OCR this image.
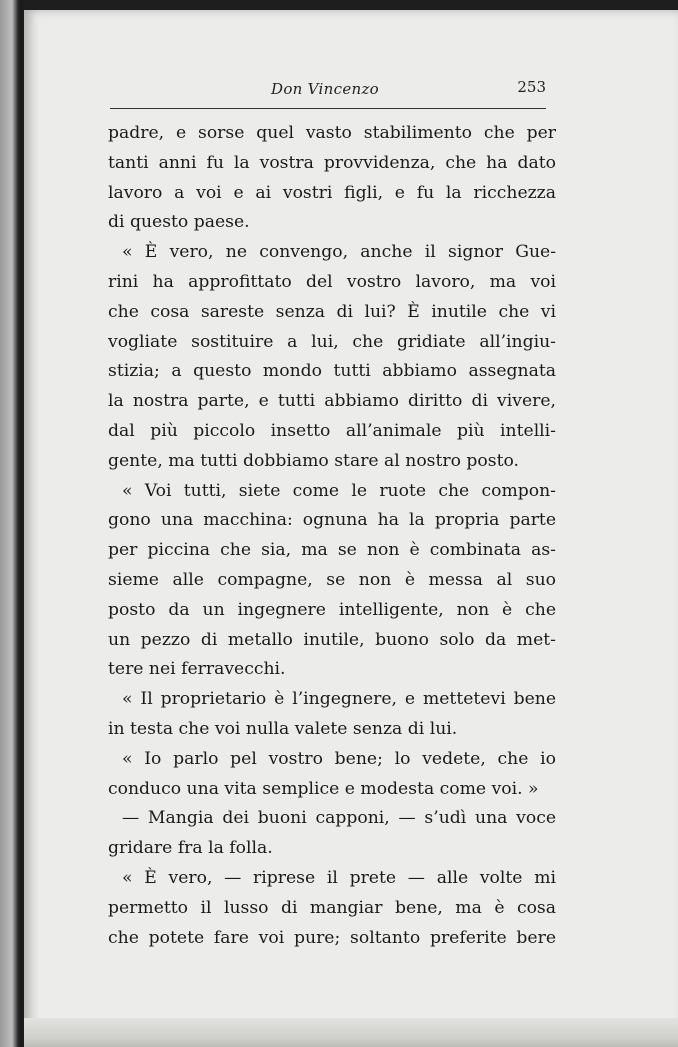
Don Vincenzo	253
padre, e sorse quel vasto stabilimento che per
tanti anni fu la vostra provvidenza, che ha dato
lavoro a voi e ai vostri figli, e fu la ricchezza
di questo paese.
« È vero, ne convengo, anche il signor Gue-
rini ha approfittato del vostro lavoro, ma voi
che cosa sareste senza di lui? È inutile che vi
vogliate sostituire a lui, che gridiate all’ingiu-
stizia; a questo mondo tutti abbiamo assegnata
la nostra parte, e tutti abbiamo diritto di vivere,
dal più piccolo insetto all’animale più intelli-
gente, ma tutti dobbiamo stare al nostro posto.
« Voi tutti, siete come le ruote che compon-
gono una macchina: ognuna ha la propria parte
per piccina che sia, ma se non è combinata as-
sieme alle compagne, se non è messa al suo
posto da un ingegnere intelligente, non è che
un pezzo di metallo inutile, buono solo da met-
tere nei ferravecchi.
« Il proprietario è l’ingegnere, e mettetevi bene
in testa che voi nulla valete senza di lui.
« Io parlo pel vostro bene; lo vedete, che io
conduco una vita semplice e modesta come voi. »
— Mangia dei buoni capponi, — s’udì una voce
gridare fra la folla.
« È vero, — riprese il prete — alle volte mi
permetto il lusso di mangiar bene, ma è cosa
che potete fare voi pure; soltanto preferite bere
